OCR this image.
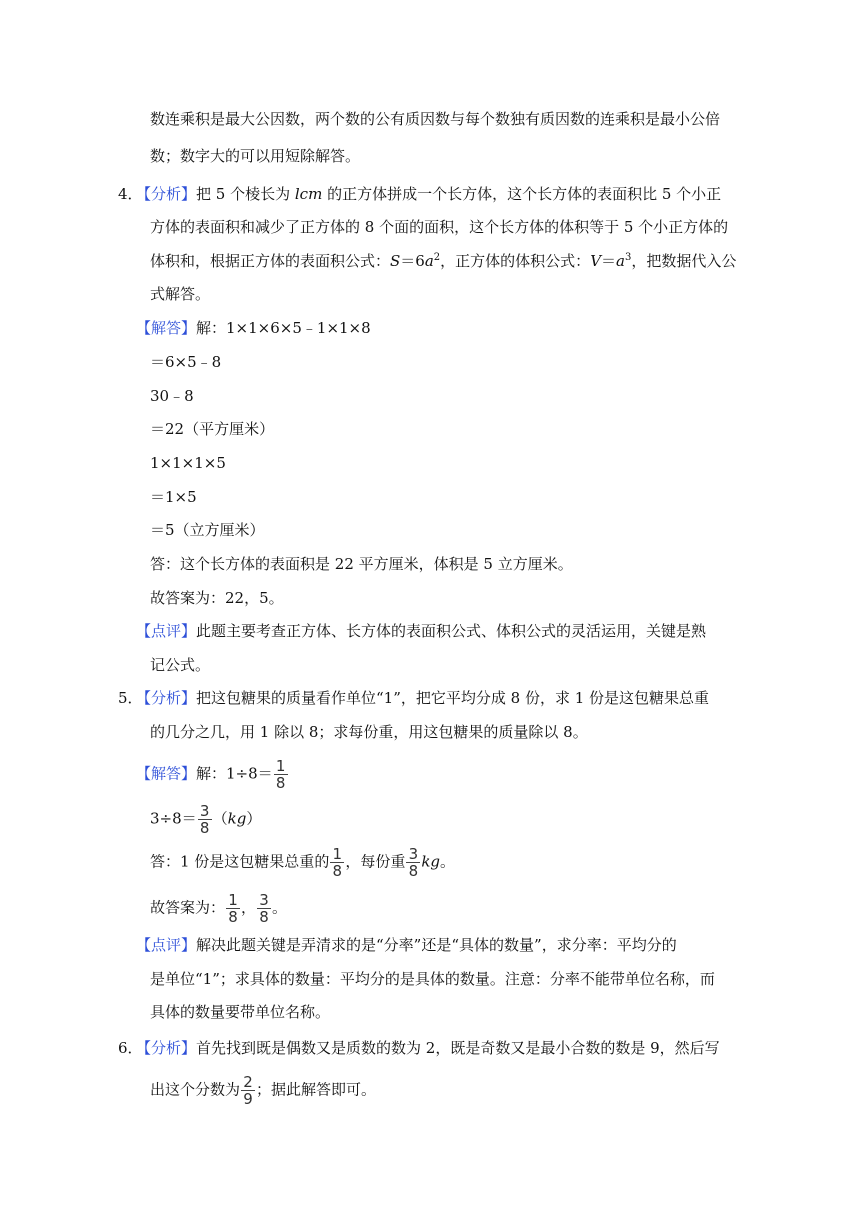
数连乘积是最大公因数，两个数的公有质因数与每个数独有质因数的连乘积是最小公倍
数；数字大的可以用短除解答。
4．
【分析】把 5 个棱长为 lcm 的正方体拼成一个长方体，这个长方体的表面积比 5 个小正
方体的表面积和减少了正方体的 8 个面的面积，这个长方体的体积等于 5 个小正方体的
体积和，根据正方体的表面积公式：$S=6a^2$，正方体的体积公式：$V=a^3$，把数据代入公
式解答。
【解答】解：1×1×6×5﹣1×1×8
＝6×5﹣8
30﹣8
＝22（平方厘米）
1×1×1×5
＝1×5
＝5（立方厘米）
答：这个长方体的表面积是 22 平方厘米，体积是 5 立方厘米。
故答案为：22，5。
【点评】此题主要考查正方体、长方体的表面积公式、体积公式的灵活运用，关键是熟
记公式。
5．
【分析】把这包糖果的质量看作单位“1”，把它平均分成 8 份，求 1 份是这包糖果总重
的几分之几，用 1 除以 8；求每份重，用这包糖果的质量除以 8。
【解答】解：$1\div 8= \frac{1}{8}$
$3\div 8= \frac{3}{8} (kg)$
答：1 份是这包糖果总重的 $\frac{1}{8}$ ，每份重 $\frac{3}{8}$ kg。
故答案为： $\frac{1}{8}$ ， $\frac{3}{8}$ 。
【点评】解决此题关键是弄清求的是“分率”还是“具体的数量”，求分率：平均分的
是单位“1”；求具体的数量：平均分的是具体的数量。注意：分率不能带单位名称，而
具体的数量要带单位名称。
6．
【分析】首先找到既是偶数又是质数的数为 2，既是奇数又是最小合数的数是 9，然后写
出这个分数为 $\frac{2}{9}$ ；据此解答即可。
